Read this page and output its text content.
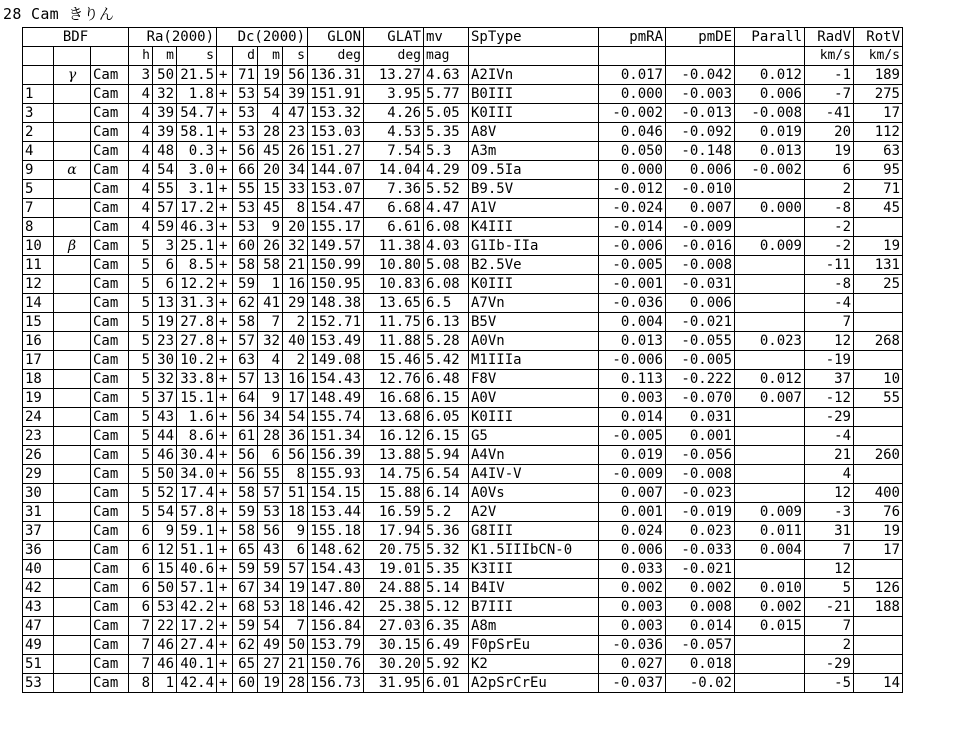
28 Cam きりん
BDF			Ra(2000)			Dc(2000)				GLON	GLAT	mv	SpType	pmRA	pmDE	Parall	RadV	RotV
			h	m	s		d	m	s	deg	deg	mag					km/s	km/s
	γ	Cam	3	50	21.5	+	71	19	56	136.31	13.27	4.63	A2IVn	0.017	-0.042	0.012	-1	189
1		Cam	4	32	1.8	+	53	54	39	151.91	3.95	5.77	B0III	0.000	-0.003	0.006	-7	275
3		Cam	4	39	54.7	+	53	4	47	153.32	4.26	5.05	K0III	-0.002	-0.013	-0.008	-41	17
2		Cam	4	39	58.1	+	53	28	23	153.03	4.53	5.35	A8V	0.046	-0.092	0.019	20	112
4		Cam	4	48	0.3	+	56	45	26	151.27	7.54	5.3	A3m	0.050	-0.148	0.013	19	63
9	α	Cam	4	54	3.0	+	66	20	34	144.07	14.04	4.29	O9.5Ia	0.000	0.006	-0.002	6	95
5		Cam	4	55	3.1	+	55	15	33	153.07	7.36	5.52	B9.5V	-0.012	-0.010		2	71
7		Cam	4	57	17.2	+	53	45	8	154.47	6.68	4.47	A1V	-0.024	0.007	0.000	-8	45
8		Cam	4	59	46.3	+	53	9	20	155.17	6.61	6.08	K4III	-0.014	-0.009		-2	
10	β	Cam	5	3	25.1	+	60	26	32	149.57	11.38	4.03	G1Ib-IIa	-0.006	-0.016	0.009	-2	19
11		Cam	5	6	8.5	+	58	58	21	150.99	10.80	5.08	B2.5Ve	-0.005	-0.008		-11	131
12		Cam	5	6	12.2	+	59	1	16	150.95	10.83	6.08	K0III	-0.001	-0.031		-8	25
14		Cam	5	13	31.3	+	62	41	29	148.38	13.65	6.5	A7Vn	-0.036	0.006		-4	
15		Cam	5	19	27.8	+	58	7	2	152.71	11.75	6.13	B5V	0.004	-0.021		7	
16		Cam	5	23	27.8	+	57	32	40	153.49	11.88	5.28	A0Vn	0.013	-0.055	0.023	12	268
17		Cam	5	30	10.2	+	63	4	2	149.08	15.46	5.42	M1IIIa	-0.006	-0.005		-19	
18		Cam	5	32	33.8	+	57	13	16	154.43	12.76	6.48	F8V	0.113	-0.222	0.012	37	10
19		Cam	5	37	15.1	+	64	9	17	148.49	16.68	6.15	A0V	0.003	-0.070	0.007	-12	55
24		Cam	5	43	1.6	+	56	34	54	155.74	13.68	6.05	K0III	0.014	0.031		-29	
23		Cam	5	44	8.6	+	61	28	36	151.34	16.12	6.15	G5	-0.005	0.001		-4	
26		Cam	5	46	30.4	+	56	6	56	156.39	13.88	5.94	A4Vn	0.019	-0.056		21	260
29		Cam	5	50	34.0	+	56	55	8	155.93	14.75	6.54	A4IV-V	-0.009	-0.008		4	
30		Cam	5	52	17.4	+	58	57	51	154.15	15.88	6.14	A0Vs	0.007	-0.023		12	400
31		Cam	5	54	57.8	+	59	53	18	153.44	16.59	5.2	A2V	0.001	-0.019	0.009	-3	76
37		Cam	6	9	59.1	+	58	56	9	155.18	17.94	5.36	G8III	0.024	0.023	0.011	31	19
36		Cam	6	12	51.1	+	65	43	6	148.62	20.75	5.32	K1.5IIIbCN-0	0.006	-0.033	0.004	7	17
40		Cam	6	15	40.6	+	59	59	57	154.43	19.01	5.35	K3III	0.033	-0.021		12	
42		Cam	6	50	57.1	+	67	34	19	147.80	24.88	5.14	B4IV	0.002	0.002	0.010	5	126
43		Cam	6	53	42.2	+	68	53	18	146.42	25.38	5.12	B7III	0.003	0.008	0.002	-21	188
47		Cam	7	22	17.2	+	59	54	7	156.84	27.03	6.35	A8m	0.003	0.014	0.015	7	
49		Cam	7	46	27.4	+	62	49	50	153.79	30.15	6.49	F0pSrEu	-0.036	-0.057		2	
51		Cam	7	46	40.1	+	65	27	21	150.76	30.20	5.92	K2	0.027	0.018		-29	
53		Cam	8	1	42.4	+	60	19	28	156.73	31.95	6.01	A2pSrCrEu	-0.037	-0.02		-5	14
